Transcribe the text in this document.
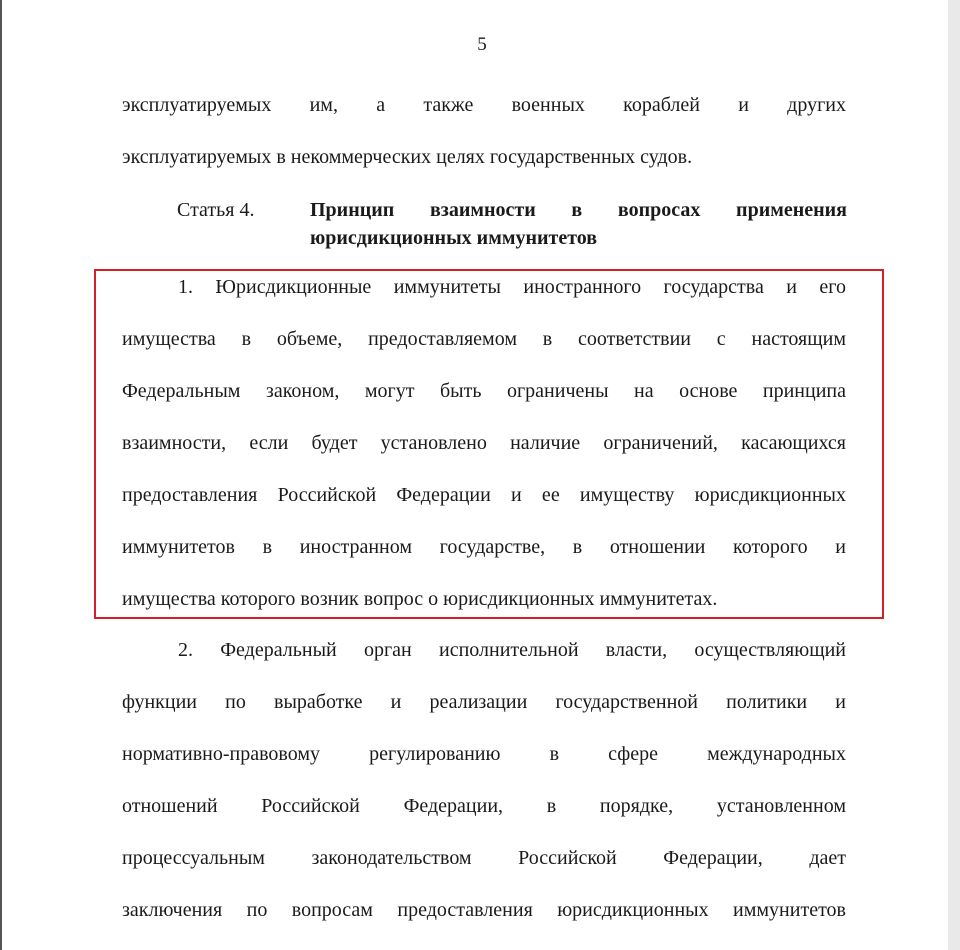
5

эксплуатируемых им, а также военных кораблей и других
эксплуатируемых в некоммерческих целях государственных судов.
Статья 4.	Принцип взаимности в вопросах применения
юрисдикционных иммунитетов
1. Юрисдикционные иммунитеты иностранного государства и его
имущества в объеме, предоставляемом в соответствии с настоящим
Федеральным законом, могут быть ограничены на основе принципа
взаимности, если будет установлено наличие ограничений, касающихся
предоставления Российской Федерации и ее имуществу юрисдикционных
иммунитетов в иностранном государстве, в отношении которого и
имущества которого возник вопрос о юрисдикционных иммунитетах.
2. Федеральный орган исполнительной власти, осуществляющий
функции по выработке и реализации государственной политики и
нормативно-правовому регулированию в сфере международных
отношений Российской Федерации, в порядке, установленном
процессуальным законодательством Российской Федерации, дает
заключения по вопросам предоставления юрисдикционных иммунитетов
